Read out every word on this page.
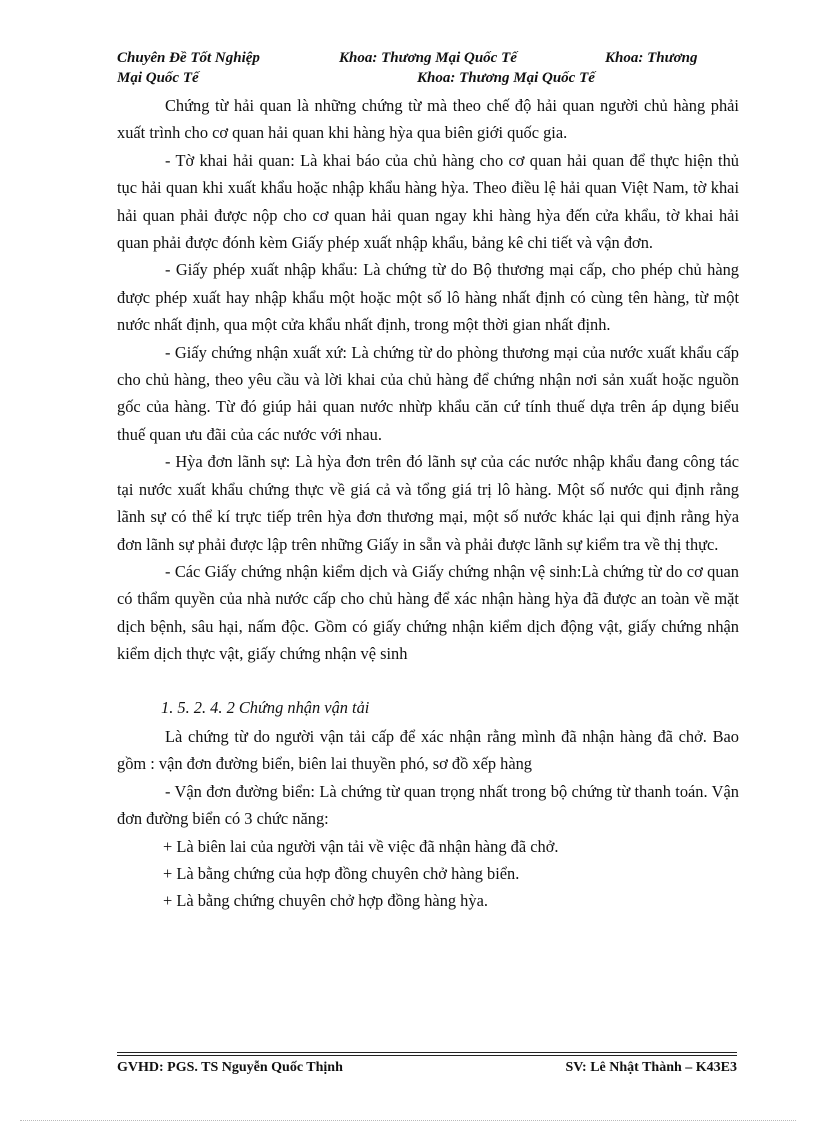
Chuyên Đề Tốt Nghiệp	Khoa: Thương Mại Quốc Tế	Khoa: Thương
Mại Quốc Tế	Khoa: Thương Mại Quốc Tế

Chứng từ hải quan là những chứng từ mà theo chế độ hải quan người chủ hàng phải xuất trình cho cơ quan hải quan khi hàng hỳa qua biên giới quốc gia.

- Tờ khai hải quan: Là khai báo của chủ hàng cho cơ quan hải quan để thực hiện thủ tục hải quan khi xuất khẩu hoặc nhập khẩu hàng hỳa. Theo điều lệ hải quan Việt Nam, tờ khai hải quan phải được nộp cho cơ quan hải quan ngay khi hàng hỳa đến cửa khẩu, tờ khai hải quan phải được đónh kèm Giấy phép xuất nhập khẩu, bảng kê chi tiết và vận đơn.

- Giấy phép xuất nhập khẩu: Là chứng từ do Bộ thương mại cấp, cho phép chủ hàng được phép xuất hay nhập khẩu một hoặc một số lô hàng nhất định có cùng tên hàng, từ một nước nhất định, qua một cửa khẩu nhất định, trong một thời gian nhất định.

- Giấy chứng nhận xuất xứ: Là chứng từ do phòng thương mại của nước xuất khẩu cấp cho chủ hàng, theo yêu cầu và lời khai của chủ hàng để chứng nhận nơi sản xuất hoặc nguồn gốc của hàng. Từ đó giúp hải quan nước nhừp khẩu căn cứ tính thuế dựa trên áp dụng biểu thuế quan ưu đãi của các nước với nhau.

- Hỳa đơn lãnh sự: Là hỳa đơn trên đó lãnh sự của các nước nhập khẩu đang công tác tại nước xuất khẩu chứng thực về giá cả và tổng giá trị lô hàng. Một số nước qui định rằng lãnh sự có thể kí trực tiếp trên hỳa đơn thương mại, một số nước khác lại qui định rằng hỳa đơn lãnh sự phải được lập trên những Giấy in sẵn và phải được lãnh sự kiểm tra về thị thực.

- Các Giấy chứng nhận kiểm dịch và Giấy chứng nhận vệ sinh:Là chứng từ do cơ quan có thẩm quyền của nhà nước cấp cho chủ hàng để xác nhận hàng hỳa đã được an toàn về mặt dịch bệnh, sâu hại, nấm độc. Gồm có giấy chứng nhận kiểm dịch động vật, giấy chứng nhận kiểm dịch thực vật, giấy chứng nhận vệ sinh

1. 5. 2. 4. 2 Chứng nhận vận tải

Là chứng từ do người vận tải cấp để xác nhận rằng mình đã nhận hàng đã chở. Bao gồm : vận đơn đường biển, biên lai thuyền phó, sơ đồ xếp hàng

- Vận đơn đường biển: Là chứng từ quan trọng nhất trong bộ chứng từ thanh toán. Vận đơn đường biển có 3 chức năng:

+ Là biên lai của người vận tải về việc đã nhận hàng đã chở.

+ Là bằng chứng của hợp đồng chuyên chở hàng biển.

+ Là bằng chứng chuyên chở hợp đồng hàng hỳa.

GVHD: PGS. TS Nguyễn Quốc Thịnh	SV: Lê Nhật Thành – K43E3
